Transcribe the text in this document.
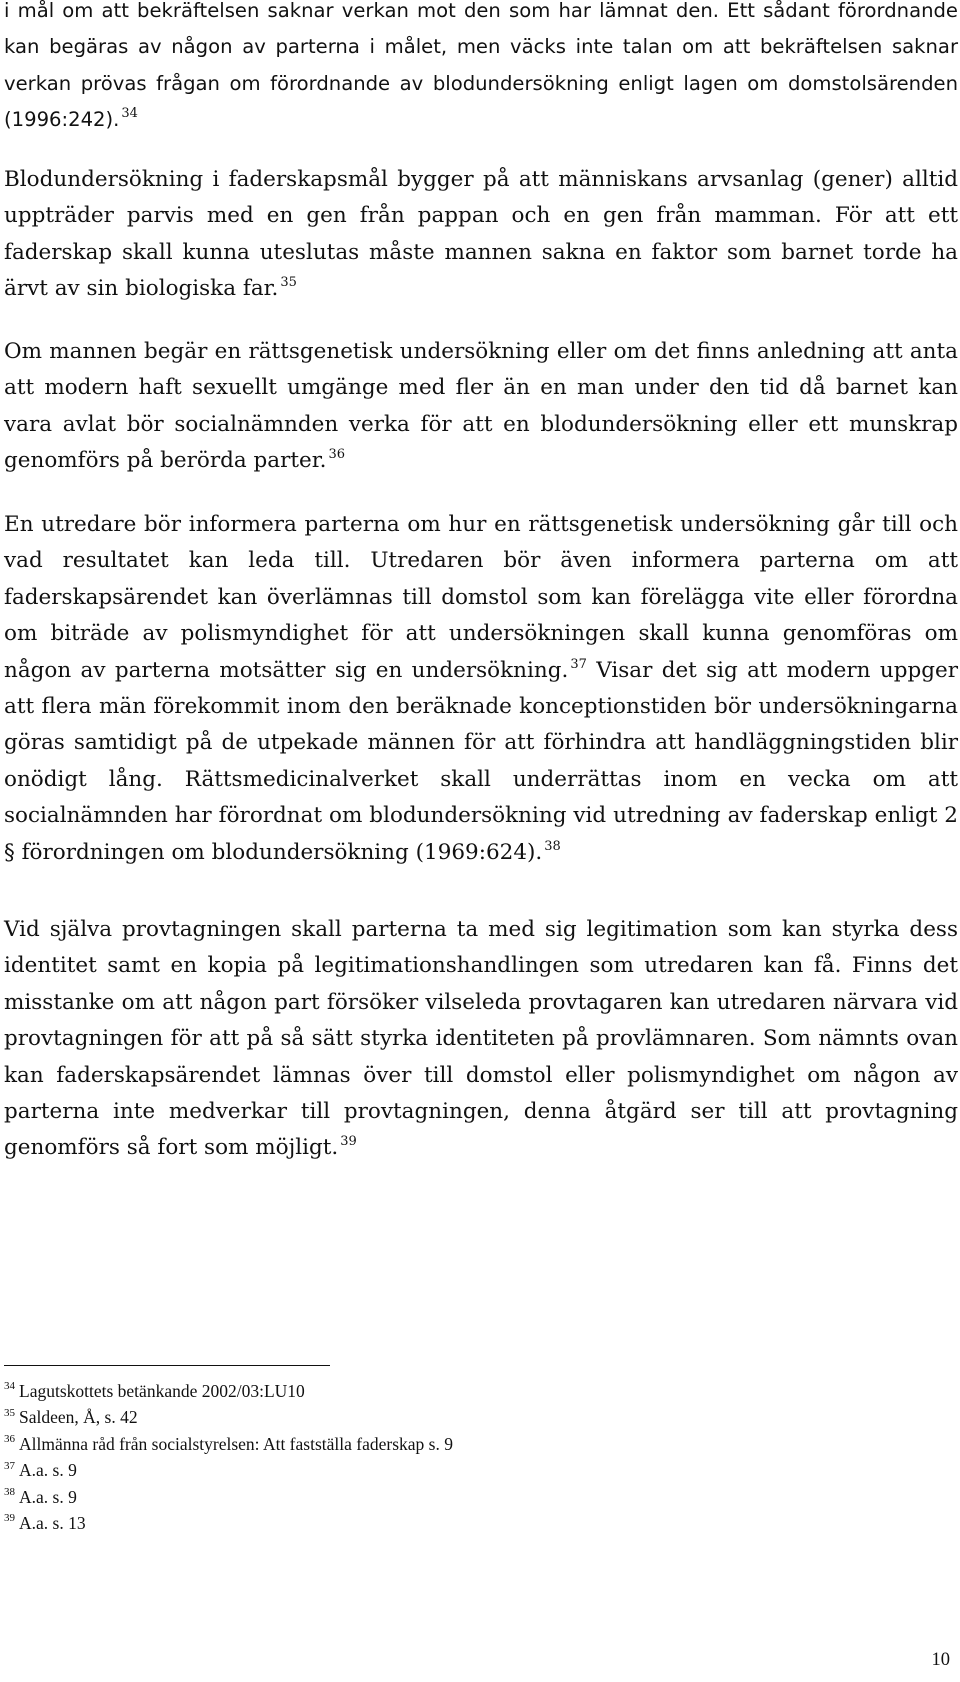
i mål om att bekräftelsen saknar verkan mot den som har lämnat den. Ett sådant förordnande kan begäras av någon av parterna i målet, men väcks inte talan om att bekräftelsen saknar verkan prövas frågan om förordnande av blodundersökning enligt lagen om domstolsärenden (1996:242). $^{34}$

Blodundersökning i faderskapsmål bygger på att människans arvsanlag (gener) alltid uppträder parvis med en gen från pappan och en gen från mamman. För att ett faderskap skall kunna uteslutas måste mannen sakna en faktor som barnet torde ha ärvt av sin biologiska far. $^{35}$

Om mannen begär en rättsgenetisk undersökning eller om det finns anledning att anta att modern haft sexuellt umgänge med fler än en man under den tid då barnet kan vara avlat bör socialnämnden verka för att en blodundersökning eller ett munskrap genomförs på berörda parter. $^{36}$

En utredare bör informera parterna om hur en rättsgenetisk undersökning går till och vad resultatet kan leda till. Utredaren bör även informera parterna om att faderskapsärendet kan överlämnas till domstol som kan förelägga vite eller förordna om biträde av polismyndighet för att undersökningen skall kunna genomföras om någon av parterna motsätter sig en undersökning. $^{37}$ Visar det sig att modern uppger att flera män förekommit inom den beräknade konceptionstiden bör undersökningarna göras samtidigt på de utpekade männen för att förhindra att handläggningstiden blir onödigt lång. Rättsmedicinalverket skall underrättas inom en vecka om att socialnämnden har förordnat om blodundersökning vid utredning av faderskap enligt 2 § förordningen om blodundersökning (1969:624). $^{38}$

Vid själva provtagningen skall parterna ta med sig legitimation som kan styrka dess identitet samt en kopia på legitimationshandlingen som utredaren kan få. Finns det misstanke om att någon part försöker vilseleda provtagaren kan utredaren närvara vid provtagningen för att på så sätt styrka identiteten på provlämnaren. Som nämnts ovan kan faderskapsärendet lämnas över till domstol eller polismyndighet om någon av parterna inte medverkar till provtagningen, denna åtgärd ser till att provtagning genomförs så fort som möjligt. $^{39}$

$^{34}$ Lagutskottets betänkande 2002/03:LU10
$^{35}$ Saldeen, Å, s. 42
$^{36}$ Allmänna råd från socialstyrelsen: Att fastställa faderskap s. 9
$^{37}$ A.a. s. 9
$^{38}$ A.a. s. 9
$^{39}$ A.a. s. 13
10
